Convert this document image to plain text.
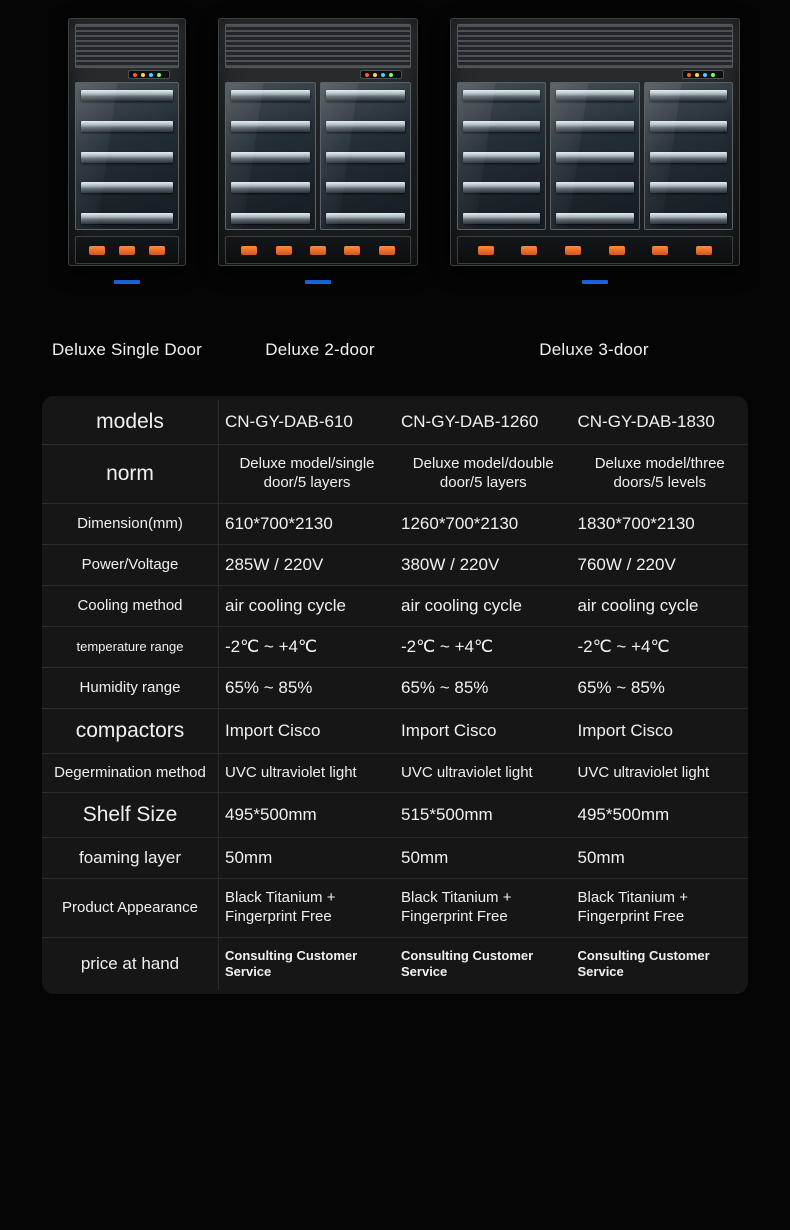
Deluxe Single Door	Deluxe 2-door	Deluxe 3-door
models	CN-GY-DAB-610	CN-GY-DAB-1260	CN-GY-DAB-1830
norm	Deluxe model/single door/5 layers	Deluxe model/double door/5 layers	Deluxe model/three doors/5 levels
Dimension(mm)	610*700*2130	1260*700*2130	1830*700*2130
Power/Voltage	285W / 220V	380W / 220V	760W / 220V
Cooling method	air cooling cycle	air cooling cycle	air cooling cycle
temperature range	-2℃ ~ +4℃	-2℃ ~ +4℃	-2℃ ~ +4℃
Humidity range	65% ~ 85%	65% ~ 85%	65% ~ 85%
compactors	Import Cisco	Import Cisco	Import Cisco
Degermination method	UVC ultraviolet light	UVC ultraviolet light	UVC ultraviolet light
Shelf Size	495*500mm	515*500mm	495*500mm
foaming layer	50mm	50mm	50mm
Product Appearance	Black Titanium + Fingerprint Free	Black Titanium + Fingerprint Free	Black Titanium + Fingerprint Free
price at hand	Consulting Customer Service	Consulting Customer Service	Consulting Customer Service
